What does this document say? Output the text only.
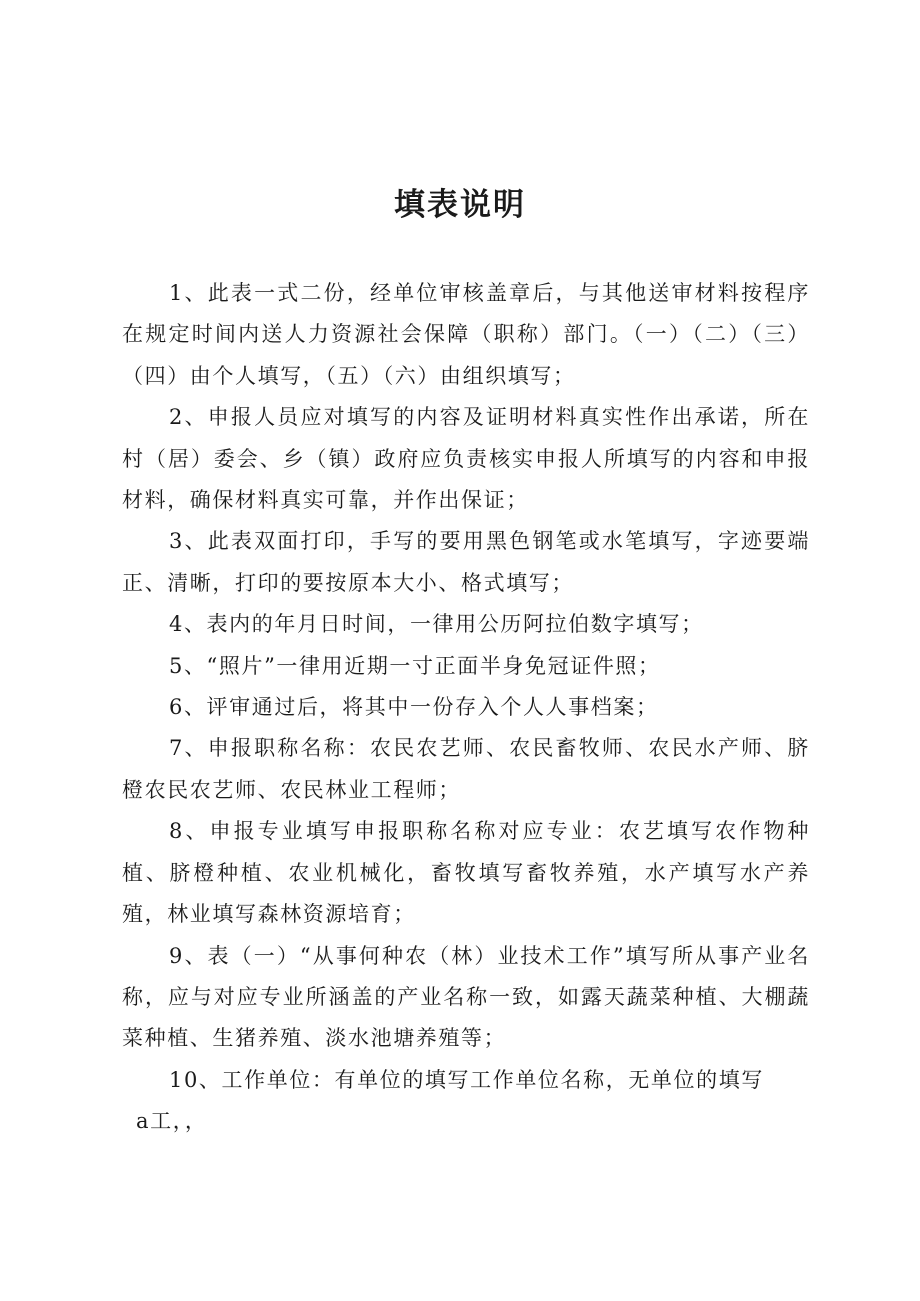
填表说明

1、此表一式二份，经单位审核盖章后，与其他送审材料按程序在规定时间内送人力资源社会保障（职称）部门。（一）（二）（三）（四）由个人填写，（五）（六）由组织填写；

2、申报人员应对填写的内容及证明材料真实性作出承诺，所在村（居）委会、乡（镇）政府应负责核实申报人所填写的内容和申报材料，确保材料真实可靠，并作出保证；

3、此表双面打印，手写的要用黑色钢笔或水笔填写，字迹要端正、清晰，打印的要按原本大小、格式填写；

4、表内的年月日时间，一律用公历阿拉伯数字填写；

5、“照片”一律用近期一寸正面半身免冠证件照；

6、评审通过后，将其中一份存入个人人事档案；

7、申报职称名称：农民农艺师、农民畜牧师、农民水产师、脐橙农民农艺师、农民林业工程师；

8、申报专业填写申报职称名称对应专业：农艺填写农作物种植、脐橙种植、农业机械化，畜牧填写畜牧养殖，水产填写水产养殖，林业填写森林资源培育；

9、表（一）“从事何种农（林）业技术工作”填写所从事产业名称，应与对应专业所涵盖的产业名称一致，如露天蔬菜种植、大棚蔬菜种植、生猪养殖、淡水池塘养殖等；

10、工作单位：有单位的填写工作单位名称，无单位的填写

a工，，
